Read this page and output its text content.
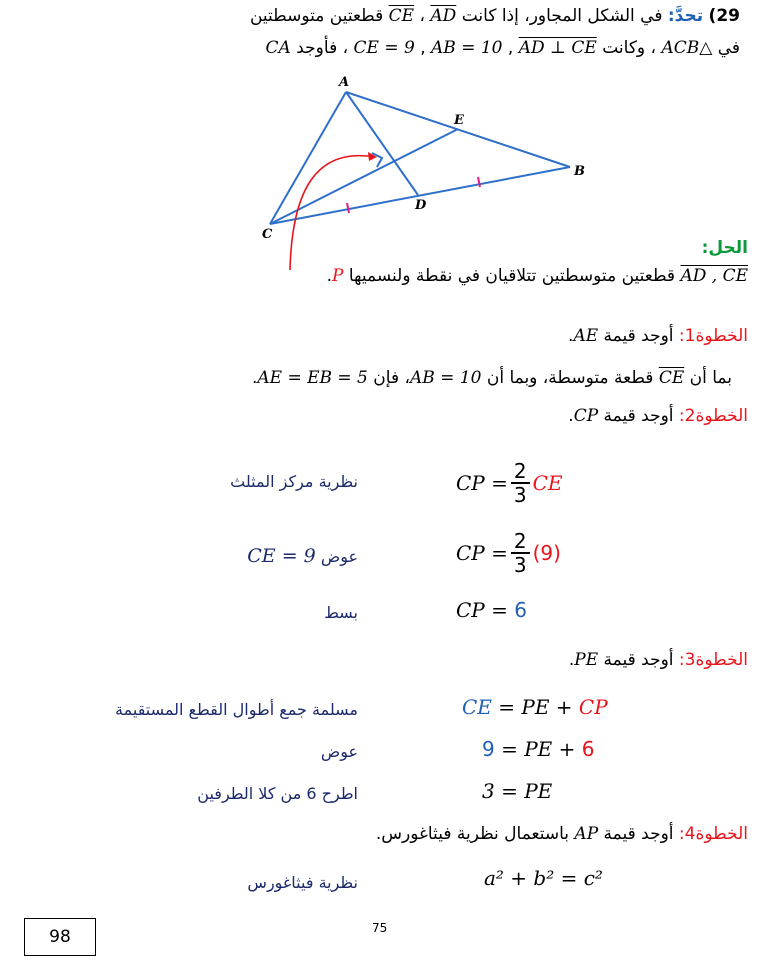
29) تحدَّ: في الشكل المجاور، إذا كانت CE ، AD قطعتين متوسطتين
في △ACB ، وكانت CE = 9 , AB = 10 , AD ⊥ CE ، فأوجد CA
A
E
B
D
C
الحل:
AD , CE قطعتين متوسطتين تتلاقيان في نقطة ولنسميها P.
الخطوة1: أوجد قيمة AE.
بما أن CE قطعة متوسطة، وبما أن AB = 10، فإن AE = EB = 5.
الخطوة2: أوجد قيمة CP.
نظرية مركز المثلث	CP = $\frac{2}{3}$ CE
عوض CE = 9	CP = $\frac{2}{3} (9)$
بسط	CP = 6
الخطوة3: أوجد قيمة PE.
مسلمة جمع أطوال القطع المستقيمة	CE = PE + CP
عوض	9 = PE + 6
اطرح 6 من كلا الطرفين	3 = PE
الخطوة4: أوجد قيمة AP باستعمال نظرية فيثاغورس.
نظرية فيثاغورس	a² + b² = c²
75
98
